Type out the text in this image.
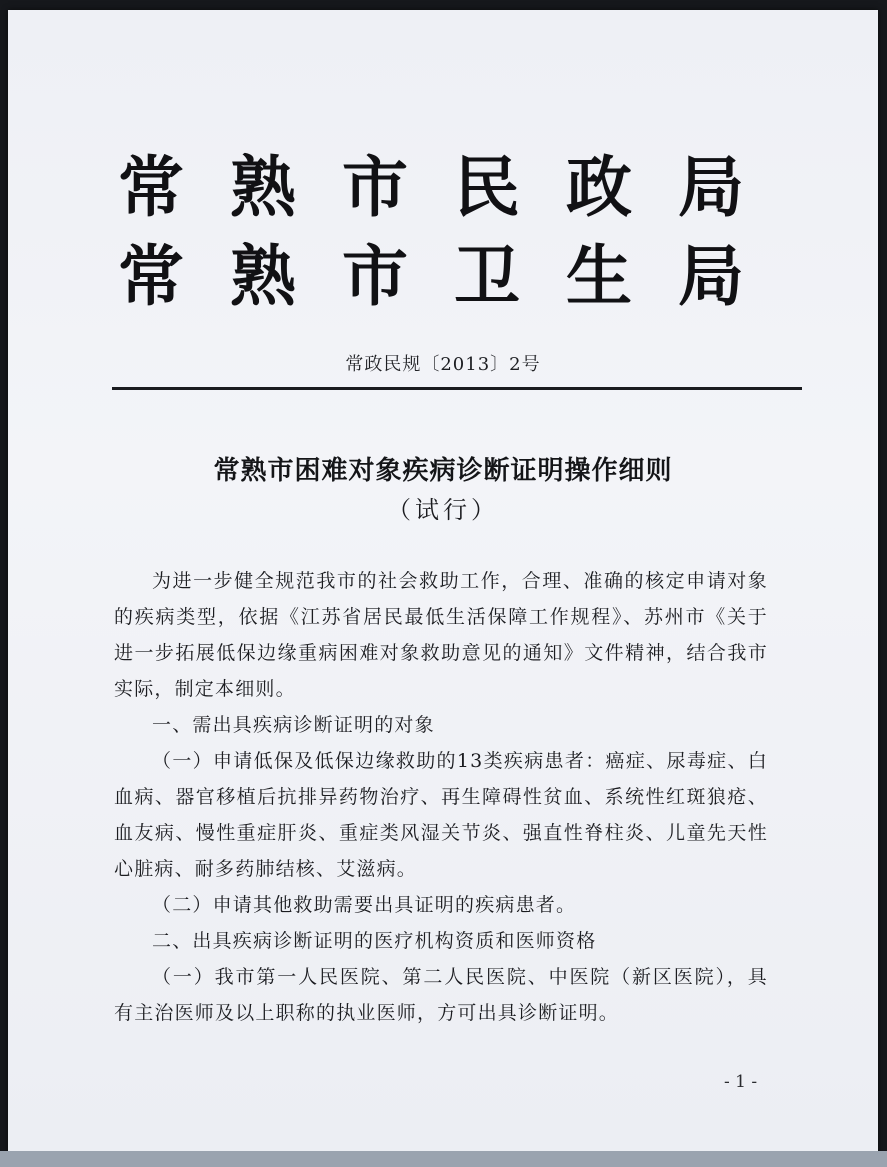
常熟市民政局
常熟市卫生局
常政民规〔2013〕2号
常熟市困难对象疾病诊断证明操作细则
（试行）

为进一步健全规范我市的社会救助工作，合理、准确的核定申请对象的疾病类型，依据《江苏省居民最低生活保障工作规程》、苏州市《关于进一步拓展低保边缘重病困难对象救助意见的通知》文件精神，结合我市实际，制定本细则。

一、需出具疾病诊断证明的对象

（一）申请低保及低保边缘救助的13类疾病患者：癌症、尿毒症、白血病、器官移植后抗排异药物治疗、再生障碍性贫血、系统性红斑狼疮、血友病、慢性重症肝炎、重症类风湿关节炎、强直性脊柱炎、儿童先天性心脏病、耐多药肺结核、艾滋病。

（二）申请其他救助需要出具证明的疾病患者。

二、出具疾病诊断证明的医疗机构资质和医师资格

（一）我市第一人民医院、第二人民医院、中医院（新区医院），具有主治医师及以上职称的执业医师，方可出具诊断证明。

- 1 -
